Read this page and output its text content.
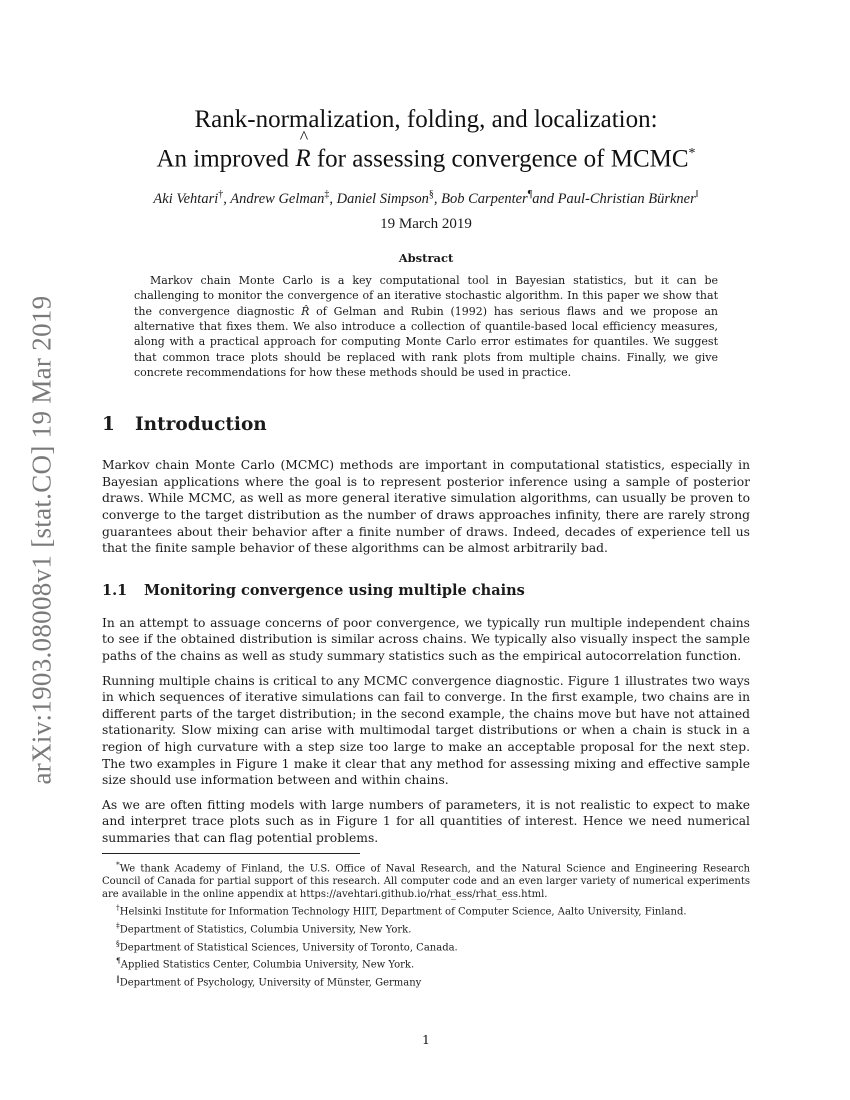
arXiv:1903.08008v1 [stat.CO] 19 Mar 2019
Rank-normalization, folding, and localization:
An improved
^
R for assessing convergence of MCMC*
Aki Vehtari†, Andrew Gelman‡, Daniel Simpson§, Bob Carpenter¶and Paul-Christian Bürkner‖
19 March 2019
Abstract
Markov chain Monte Carlo is a key computational tool in Bayesian statistics, but it can be challenging to monitor the convergence of an iterative stochastic algorithm. In this paper we show that the convergence diagnostic R̂ of Gelman and Rubin (1992) has serious flaws and we propose an alternative that fixes them. We also introduce a collection of quantile-based local efficiency measures, along with a practical approach for computing Monte Carlo error estimates for quantiles. We suggest that common trace plots should be replaced with rank plots from multiple chains. Finally, we give concrete recommendations for how these methods should be used in practice.
1 Introduction

Markov chain Monte Carlo (MCMC) methods are important in computational statistics, especially in Bayesian applications where the goal is to represent posterior inference using a sample of posterior draws. While MCMC, as well as more general iterative simulation algorithms, can usually be proven to converge to the target distribution as the number of draws approaches infinity, there are rarely strong guarantees about their behavior after a finite number of draws. Indeed, decades of experience tell us that the finite sample behavior of these algorithms can be almost arbitrarily bad.

1.1 Monitoring convergence using multiple chains

In an attempt to assuage concerns of poor convergence, we typically run multiple independent chains to see if the obtained distribution is similar across chains. We typically also visually inspect the sample paths of the chains as well as study summary statistics such as the empirical autocorrelation function.

Running multiple chains is critical to any MCMC convergence diagnostic. Figure 1 illustrates two ways in which sequences of iterative simulations can fail to converge. In the first example, two chains are in different parts of the target distribution; in the second example, the chains move but have not attained stationarity. Slow mixing can arise with multimodal target distributions or when a chain is stuck in a region of high curvature with a step size too large to make an acceptable proposal for the next step. The two examples in Figure 1 make it clear that any method for assessing mixing and effective sample size should use information between and within chains.

As we are often fitting models with large numbers of parameters, it is not realistic to expect to make and interpret trace plots such as in Figure 1 for all quantities of interest. Hence we need numerical summaries that can flag potential problems.

*We thank Academy of Finland, the U.S. Office of Naval Research, and the Natural Science and Engineering Research Council of Canada for partial support of this research. All computer code and an even larger variety of numerical experiments are available in the online appendix at https://avehtari.github.io/rhat_ess/rhat_ess.html.
†Helsinki Institute for Information Technology HIIT, Department of Computer Science, Aalto University, Finland.
‡Department of Statistics, Columbia University, New York.
§Department of Statistical Sciences, University of Toronto, Canada.
¶Applied Statistics Center, Columbia University, New York.
‖Department of Psychology, University of Münster, Germany
1
